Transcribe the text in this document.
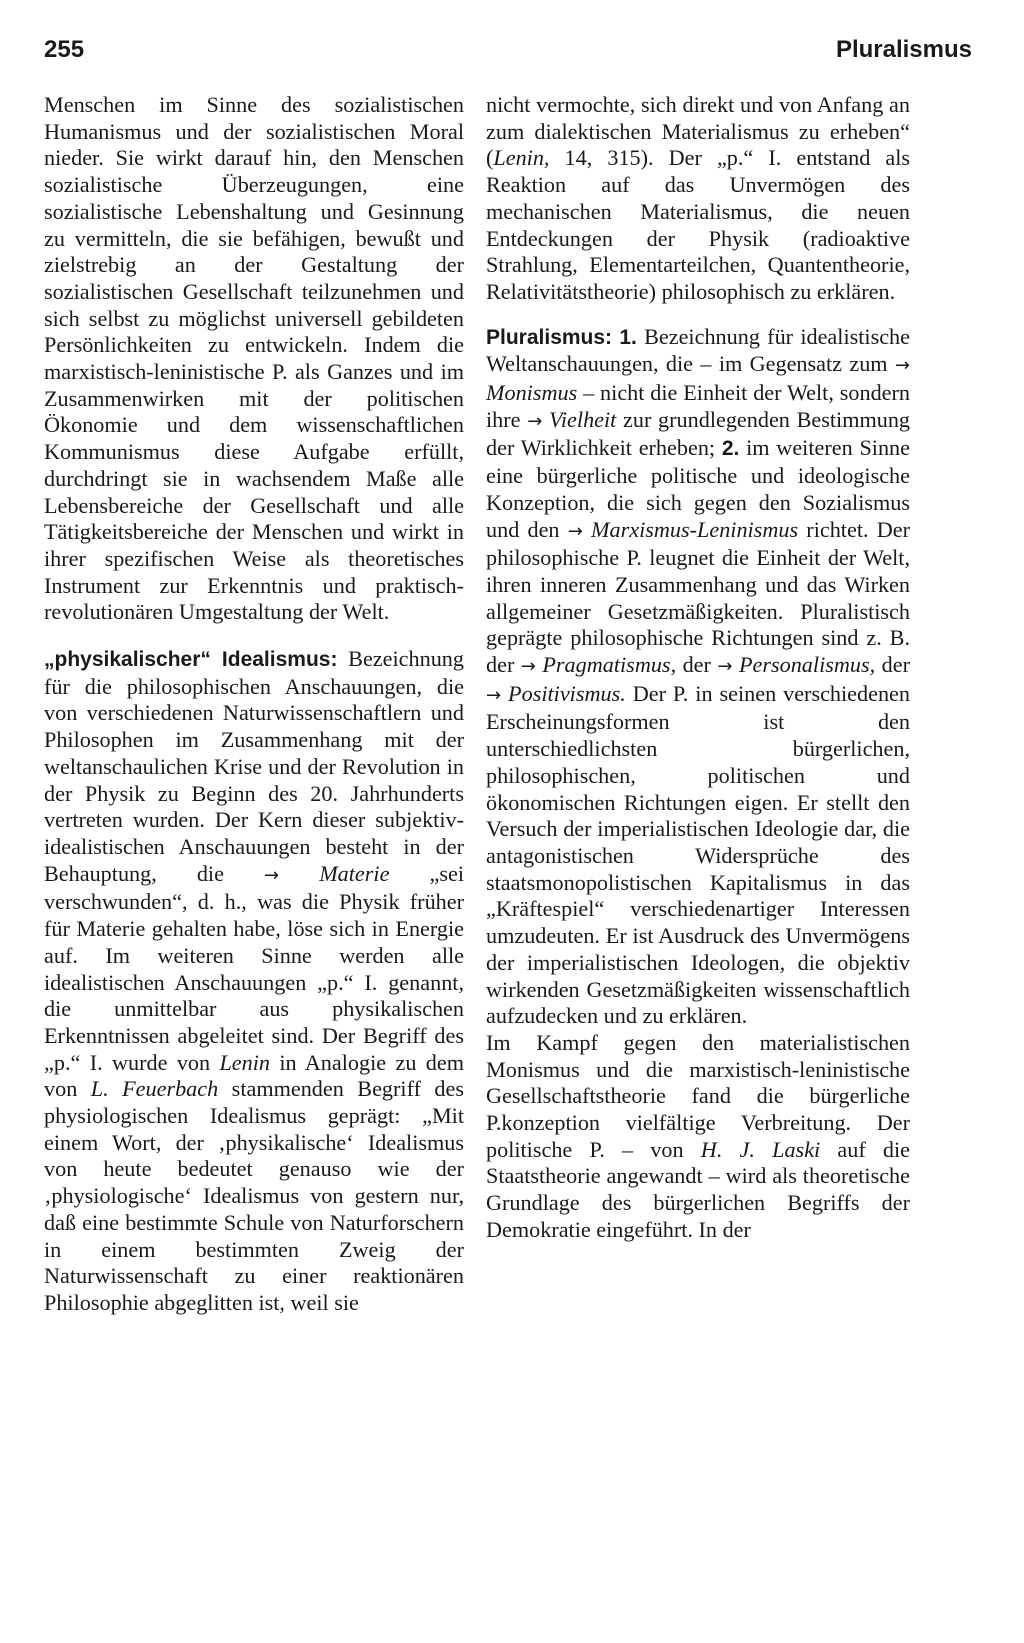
255	Pluralismus

Menschen im Sinne des sozialistischen Humanismus und der sozialistischen Moral nieder. Sie wirkt darauf hin, den Menschen sozialistische Überzeugungen, eine sozialistische Lebenshaltung und Gesinnung zu vermitteln, die sie befähigen, bewußt und zielstrebig an der Gestaltung der sozialistischen Gesellschaft teilzunehmen und sich selbst zu möglichst universell gebildeten Persönlichkeiten zu entwickeln. Indem die marxistisch-leninistische P. als Ganzes und im Zusammenwirken mit der politischen Ökonomie und dem wissenschaftlichen Kommunismus diese Aufgabe erfüllt, durchdringt sie in wachsendem Maße alle Lebensbereiche der Gesellschaft und alle Tätigkeitsbereiche der Menschen und wirkt in ihrer spezifischen Weise als theoretisches Instrument zur Erkenntnis und praktisch-revolutionären Umgestaltung der Welt.

„physikalischer“ Idealismus: Bezeichnung für die philosophischen Anschauungen, die von verschiedenen Naturwissenschaftlern und Philosophen im Zusammenhang mit der weltanschaulichen Krise und der Revolution in der Physik zu Beginn des 20. Jahrhunderts vertreten wurden. Der Kern dieser subjektiv-idealistischen Anschauungen besteht in der Behauptung, die → Materie „sei verschwunden“, d. h., was die Physik früher für Materie gehalten habe, löse sich in Energie auf. Im weiteren Sinne werden alle idealistischen Anschauungen „p.“ I. genannt, die unmittelbar aus physikalischen Erkenntnissen abgeleitet sind. Der Begriff des „p.“ I. wurde von Lenin in Analogie zu dem von L. Feuerbach stammenden Begriff des physiologischen Idealismus geprägt: „Mit einem Wort, der ‚physikalische‘ Idealismus von heute bedeutet genauso wie der ‚physiologische‘ Idealismus von gestern nur, daß eine bestimmte Schule von Naturforschern in einem bestimmten Zweig der Naturwissenschaft zu einer reaktionären Philosophie abgeglitten ist, weil sie

nicht vermochte, sich direkt und von Anfang an zum dialektischen Materialismus zu erheben“ (Lenin, 14, 315). Der „p.“ I. entstand als Reaktion auf das Unvermögen des mechanischen Materialismus, die neuen Entdeckungen der Physik (radioaktive Strahlung, Elementarteilchen, Quantentheorie, Relativitätstheorie) philosophisch zu erklären.

Pluralismus: 1. Bezeichnung für idealistische Weltanschauungen, die – im Gegensatz zum → Monismus – nicht die Einheit der Welt, sondern ihre → Vielheit zur grundlegenden Bestimmung der Wirklichkeit erheben; 2. im weiteren Sinne eine bürgerliche politische und ideologische Konzeption, die sich gegen den Sozialismus und den → Marxismus-Leninismus richtet. Der philosophische P. leugnet die Einheit der Welt, ihren inneren Zusammenhang und das Wirken allgemeiner Gesetzmäßigkeiten. Pluralistisch geprägte philosophische Richtungen sind z. B. der → Pragmatismus, der → Personalismus, der → Positivismus. Der P. in seinen verschiedenen Erscheinungsformen ist den unterschiedlichsten bürgerlichen, philosophischen, politischen und ökonomischen Richtungen eigen. Er stellt den Versuch der imperialistischen Ideologie dar, die antagonistischen Widersprüche des staatsmonopolistischen Kapitalismus in das „Kräftespiel“ verschiedenartiger Interessen umzudeuten. Er ist Ausdruck des Unvermögens der imperialistischen Ideologen, die objektiv wirkenden Gesetzmäßigkeiten wissenschaftlich aufzudecken und zu erklären.

Im Kampf gegen den materialistischen Monismus und die marxistisch-leninistische Gesellschaftstheorie fand die bürgerliche P.konzeption vielfältige Verbreitung. Der politische P. – von H. J. Laski auf die Staatstheorie angewandt – wird als theoretische Grundlage des bürgerlichen Begriffs der Demokratie eingeführt. In der
